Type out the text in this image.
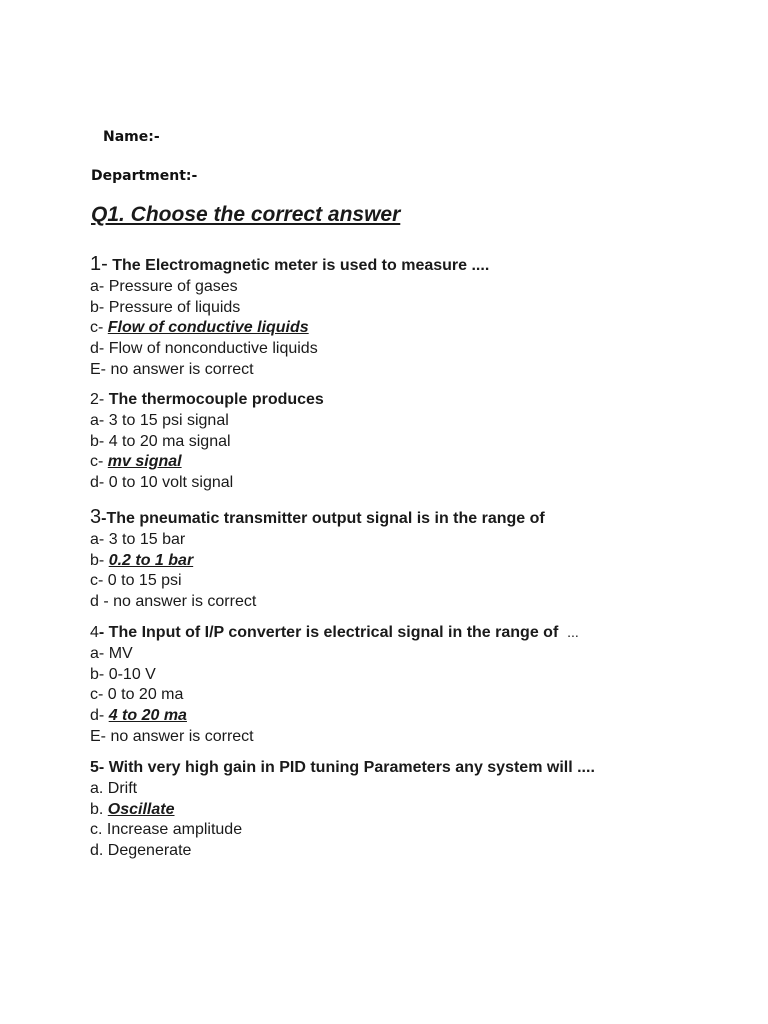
Name:-
Department:-
Q1. Choose the correct answer
1- The Electromagnetic meter is used to measure ....
a- Pressure of gases
b- Pressure of liquids
c- Flow of conductive liquids
d- Flow of nonconductive liquids
E- no answer is correct
2- The thermocouple produces
a- 3 to 15 psi signal
b- 4 to 20 ma signal
c- mv signal
d- 0 to 10 volt signal
3-The pneumatic transmitter output signal is in the range of
a- 3 to 15 bar
b- 0.2 to 1 bar
c- 0 to 15 psi
d - no answer is correct
4- The Input of I/P converter is electrical signal in the range of ...
a- MV
b- 0-10 V
c- 0 to 20 ma
d- 4 to 20 ma
E- no answer is correct
5- With very high gain in PID tuning Parameters any system will ....
a. Drift
b. Oscillate
c. Increase amplitude
d. Degenerate
